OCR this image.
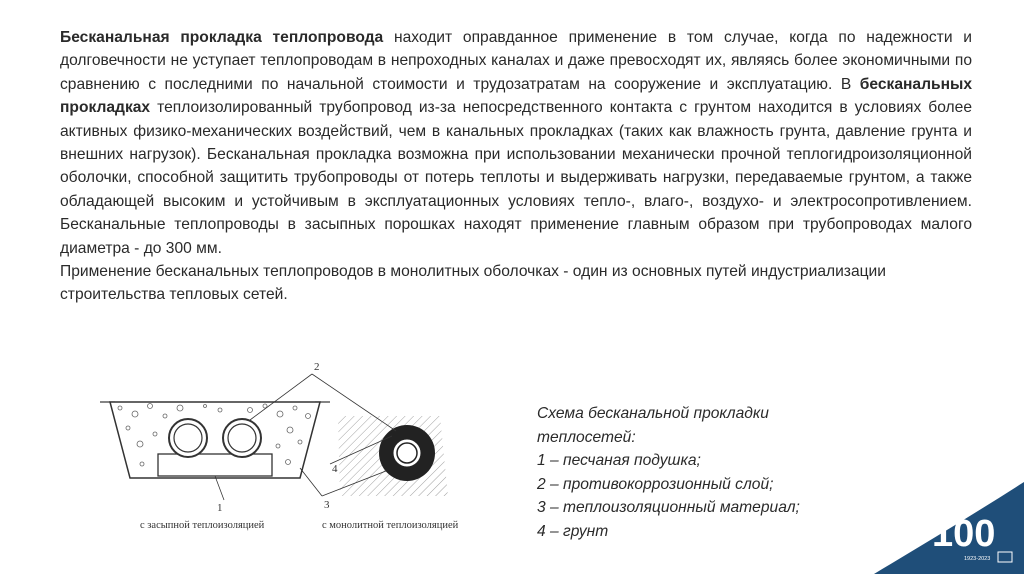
Бесканальная прокладка теплопровода находит оправданное применение в том случае, когда по надежности и долговечности не уступает теплопроводам в непроходных каналах и даже превосходят их, являясь более экономичными по сравнению с последними по начальной стоимости и трудозатратам на сооружение и эксплуатацию. В бесканальных прокладках теплоизолированный трубопровод из-за непосредственного контакта с грунтом находится в условиях более активных физико-механических воздействий, чем в канальных прокладках (таких как влажность грунта, давление грунта и внешних нагрузок). Бесканальная прокладка возможна при использовании механически прочной теплогидроизоляционной оболочки, способной защитить трубопроводы от потерь теплоты и выдерживать нагрузки, передаваемые грунтом, а также обладающей высоким и устойчивым в эксплуатационных условиях тепло-, влаго-, воздухо- и электросопротивлением. Бесканальные теплопроводы в засыпных порошках находят применение главным образом при трубопроводах малого диаметра - до 300 мм.

Применение бесканальных теплопроводов в монолитных оболочках - один из основных путей индустриализации строительства тепловых сетей.

1
с засыпной теплоизоляцией	с монолитной теплоизоляцией
2
3
4
Схема бесканальной прокладки
теплосетей:
1 – песчаная подушка;
2 – противокоррозионный слой;
3 – теплоизоляционный материал;
4 – грунт	100
1923-2023
